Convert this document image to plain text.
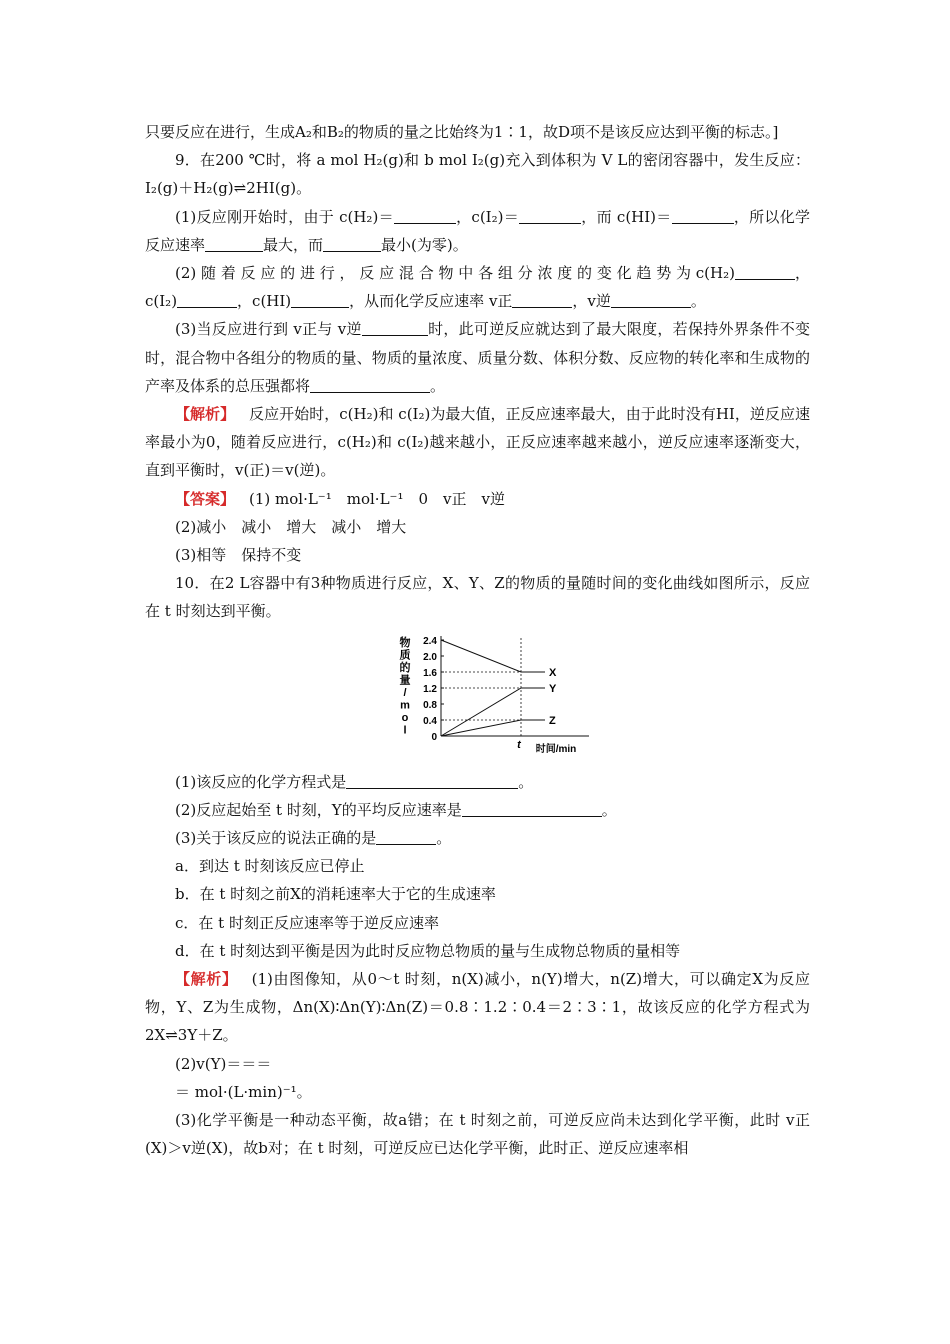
只要反应在进行，生成A₂和B₂的物质的量之比始终为1∶1，故D项不是该反应达到平衡的标志。]

9．在200 ℃时，将 a mol H₂(g)和 b mol I₂(g)充入到体积为 V L的密闭容器中，发生反应：I₂(g)＋H₂(g)⇌2HI(g)。

(1)反应刚开始时，由于 c(H₂)＝	，c(I₂)＝	，而 c(HI)＝	，所以化学反应速率	最大，而	最小(为零)。

(2) 随 着 反 应 的 进 行 ， 反 应 混 合 物 中 各 组 分 浓 度 的 变 化 趋 势 为 c(H₂)	，c(I₂)	，c(HI)	，从而化学反应速率 v正	，v逆	。

(3)当反应进行到 v正与 v逆	时，此可逆反应就达到了最大限度，若保持外界条件不变时，混合物中各组分的物质的量、物质的量浓度、质量分数、体积分数、反应物的转化率和生成物的产率及体系的总压强都将	。

【解析】 反应开始时，c(H₂)和 c(I₂)为最大值，正反应速率最大，由于此时没有HI，逆反应速率最小为0，随着反应进行，c(H₂)和 c(I₂)越来越小，正反应速率越来越小，逆反应速率逐渐变大，直到平衡时，v(正)＝v(逆)。

【答案】 (1) mol·L⁻¹　mol·L⁻¹　0　v正　v逆

(2)减小　减小　增大　减小　增大

(3)相等　保持不变

10．在2 L容器中有3种物质进行反应，X、Y、Z的物质的量随时间的变化曲线如图所示，反应在 t 时刻达到平衡。

物
质
的
量
/
m
o
l
2.4
2.0
1.6
1.2
0.8
0.4
0
t 时间/min
X
Y
Z

(1)该反应的化学方程式是	。

(2)反应起始至 t 时刻，Y的平均反应速率是	。

(3)关于该反应的说法正确的是	。

a．到达 t 时刻该反应已停止

b．在 t 时刻之前X的消耗速率大于它的生成速率

c．在 t 时刻正反应速率等于逆反应速率

d．在 t 时刻达到平衡是因为此时反应物总物质的量与生成物总物质的量相等

【解析】 (1)由图像知，从0～t 时刻，n(X)减小，n(Y)增大，n(Z)增大，可以确定X为反应物，Y、Z为生成物，Δn(X)∶Δn(Y)∶Δn(Z)＝0.8∶1.2∶0.4＝2∶3∶1，故该反应的化学方程式为2X⇌3Y＋Z。

(2)v(Y)＝＝＝

＝ mol·(L·min)⁻¹。

(3)化学平衡是一种动态平衡，故a错；在 t 时刻之前，可逆反应尚未达到化学平衡，此时 v正(X)＞v逆(X)，故b对；在 t 时刻，可逆反应已达化学平衡，此时正、逆反应速率相
